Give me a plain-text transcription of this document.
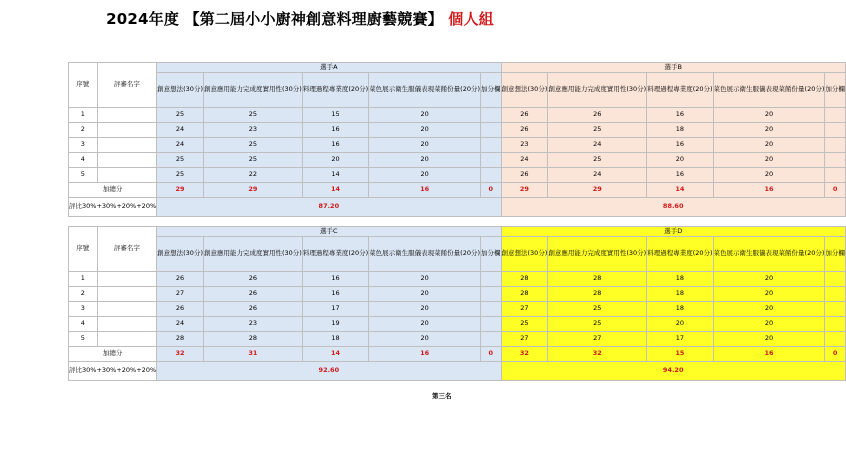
2024年度 【第二屆小小廚神創意料理廚藝競賽】 個人組
序號	評審名字	選手A					選手B				
		創意想法(30分)	創意應用能力完成度實用性(30分)	料理過程專業度(20分)	菜色展示衛生服儀表現菜餚份量(20分)	加分欄	創意想法(30分)	創意應用能力完成度實用性(30分)	料理過程專業度(20分)	菜色展示衛生服儀表現菜餚份量(20分)	加分欄
1		25	25	15	20		26	26	16	20	
2		24	23	16	20		26	25	18	20	
3		24	25	16	20		23	24	16	20	
4		25	25	20	20		24	25	20	20	
5		25	22	14	20		26	24	16	20	
加總分		29	29	14	16	0	29	29	14	16	0
評比30%+30%+20%+20%		87.20					88.60				
序號	評審名字	選手C					選手D				
		創意想法(30分)	創意應用能力完成度實用性(30分)	料理過程專業度(20分)	菜色展示衛生服儀表現菜餚份量(20分)	加分欄	創意想法(30分)	創意應用能力完成度實用性(30分)	料理過程專業度(20分)	菜色展示衛生服儀表現菜餚份量(20分)	加分欄
1		26	26	16	20		28	28	18	20	
2		27	26	16	20		28	28	18	20	
3		26	26	17	20		27	25	18	20	
4		24	23	19	20		25	25	20	20	
5		28	28	18	20		27	27	17	20	
加總分		32	31	14	16	0	32	32	15	16	0
評比30%+30%+20%+20%		92.60					94.20				
第三名
